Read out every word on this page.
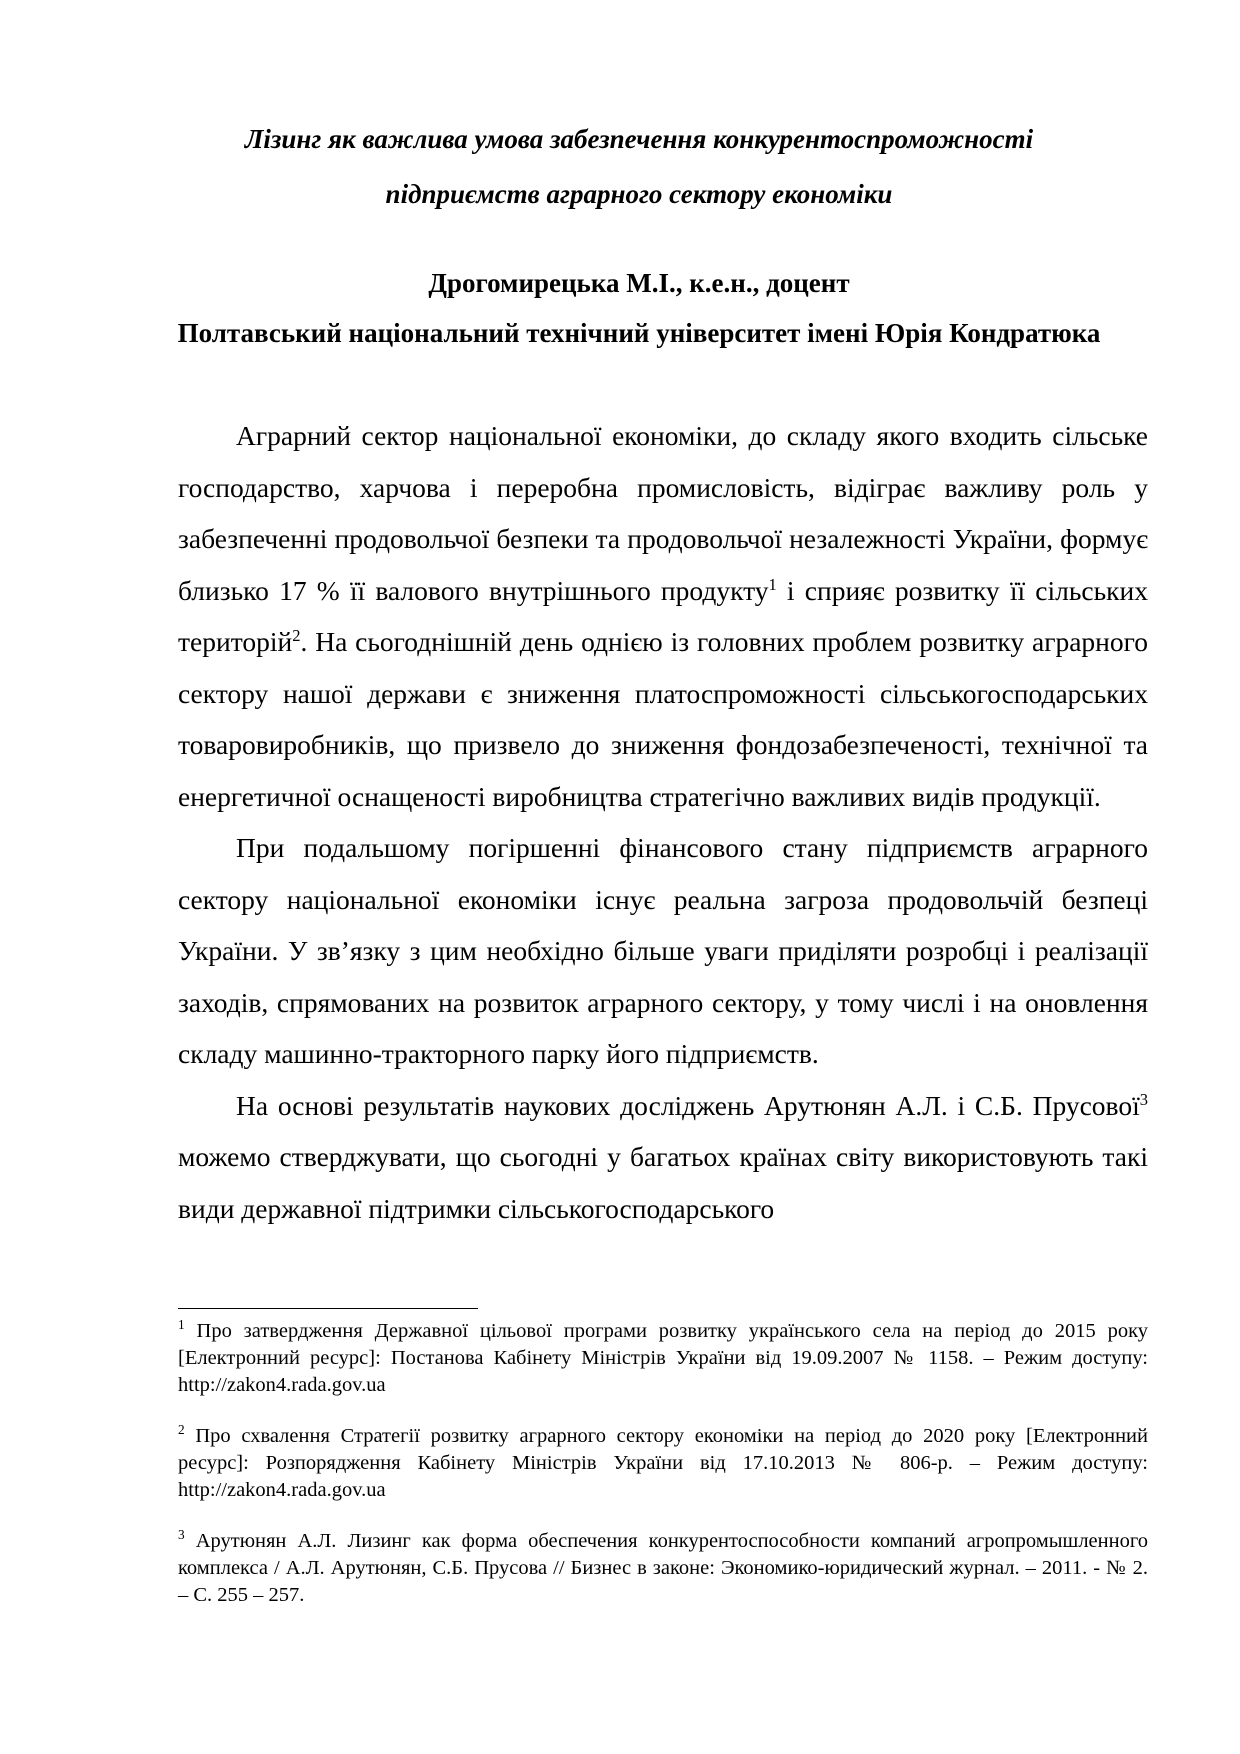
Лізинг як важлива умова забезпечення конкурентоспроможності
підприємств аграрного сектору економіки
Дрогомирецька М.І., к.е.н., доцент
Полтавський національний технічний університет імені Юрія Кондратюка

Аграрний сектор національної економіки, до складу якого входить сільське господарство, харчова і переробна промисловість, відіграє важливу роль у забезпеченні продовольчої безпеки та продовольчої незалежності України, формує близько 17 % її валового внутрішнього продукту$^1$ і сприяє розвитку її сільських територій$^2$. На сьогоднішній день однією із головних проблем розвитку аграрного сектору нашої держави є зниження платоспроможності сільськогосподарських товаровиробників, що призвело до зниження фондозабезпеченості, технічної та енергетичної оснащеності виробництва стратегічно важливих видів продукції.

При подальшому погіршенні фінансового стану підприємств аграрного сектору національної економіки існує реальна загроза продовольчій безпеці України. У зв’язку з цим необхідно більше уваги приділяти розробці і реалізації заходів, спрямованих на розвиток аграрного сектору, у тому числі і на оновлення складу машинно-тракторного парку його підприємств.

На основі результатів наукових досліджень Арутюнян А.Л. і С.Б. Прусової$^3$ можемо стверджувати, що сьогодні у багатьох країнах світу використовують такі види державної підтримки сільськогосподарського

$^1$ Про затвердження Державної цільової програми розвитку українського села на період до 2015 року [Електронний ресурс]: Постанова Кабінету Міністрів України від 19.09.2007 № 1158. – Режим доступу: http://zakon4.rada.gov.ua

$^2$ Про схвалення Стратегії розвитку аграрного сектору економіки на період до 2020 року [Електронний ресурс]: Розпорядження Кабінету Міністрів України від 17.10.2013 № 806-р. – Режим доступу: http://zakon4.rada.gov.ua

$^3$ Арутюнян А.Л. Лизинг как форма обеспечения конкурентоспособности компаний агропромышленного комплекса / А.Л. Арутюнян, С.Б. Прусова // Бизнес в законе: Экономико-юридический журнал. – 2011. - № 2. – С. 255 – 257.
